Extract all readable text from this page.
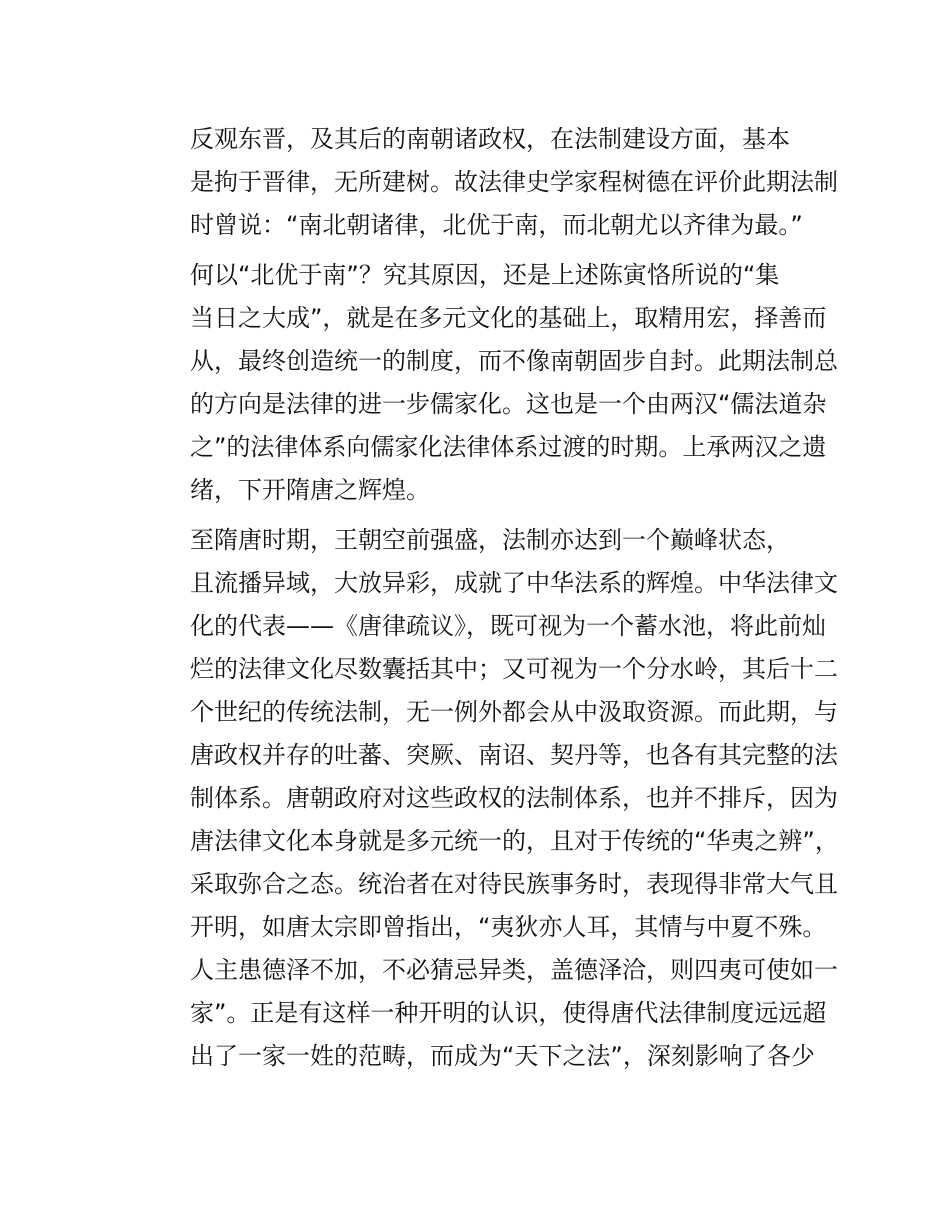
反观东晋，及其后的南朝诸政权，在法制建设方面，基本
是拘于晋律，无所建树。故法律史学家程树德在评价此期法制
时曾说：“南北朝诸律，北优于南，而北朝尤以齐律为最。”

何以“北优于南”？究其原因，还是上述陈寅恪所说的“集
当日之大成”，就是在多元文化的基础上，取精用宏，择善而
从，最终创造统一的制度，而不像南朝固步自封。此期法制总
的方向是法律的进一步儒家化。这也是一个由两汉“儒法道杂
之”的法律体系向儒家化法律体系过渡的时期。上承两汉之遗
绪，下开隋唐之辉煌。

至隋唐时期，王朝空前强盛，法制亦达到一个巅峰状态，
且流播异域，大放异彩，成就了中华法系的辉煌。中华法律文
化的代表——《唐律疏议》，既可视为一个蓄水池，将此前灿
烂的法律文化尽数囊括其中；又可视为一个分水岭，其后十二
个世纪的传统法制，无一例外都会从中汲取资源。而此期，与
唐政权并存的吐蕃、突厥、南诏、契丹等，也各有其完整的法
制体系。唐朝政府对这些政权的法制体系，也并不排斥，因为
唐法律文化本身就是多元统一的，且对于传统的“华夷之辨”，
采取弥合之态。统治者在对待民族事务时，表现得非常大气且
开明，如唐太宗即曾指出，“夷狄亦人耳，其情与中夏不殊。
人主患德泽不加，不必猜忌异类，盖德泽洽，则四夷可使如一
家”。正是有这样一种开明的认识，使得唐代法律制度远远超
出了一家一姓的范畴，而成为“天下之法”，深刻影响了各少
